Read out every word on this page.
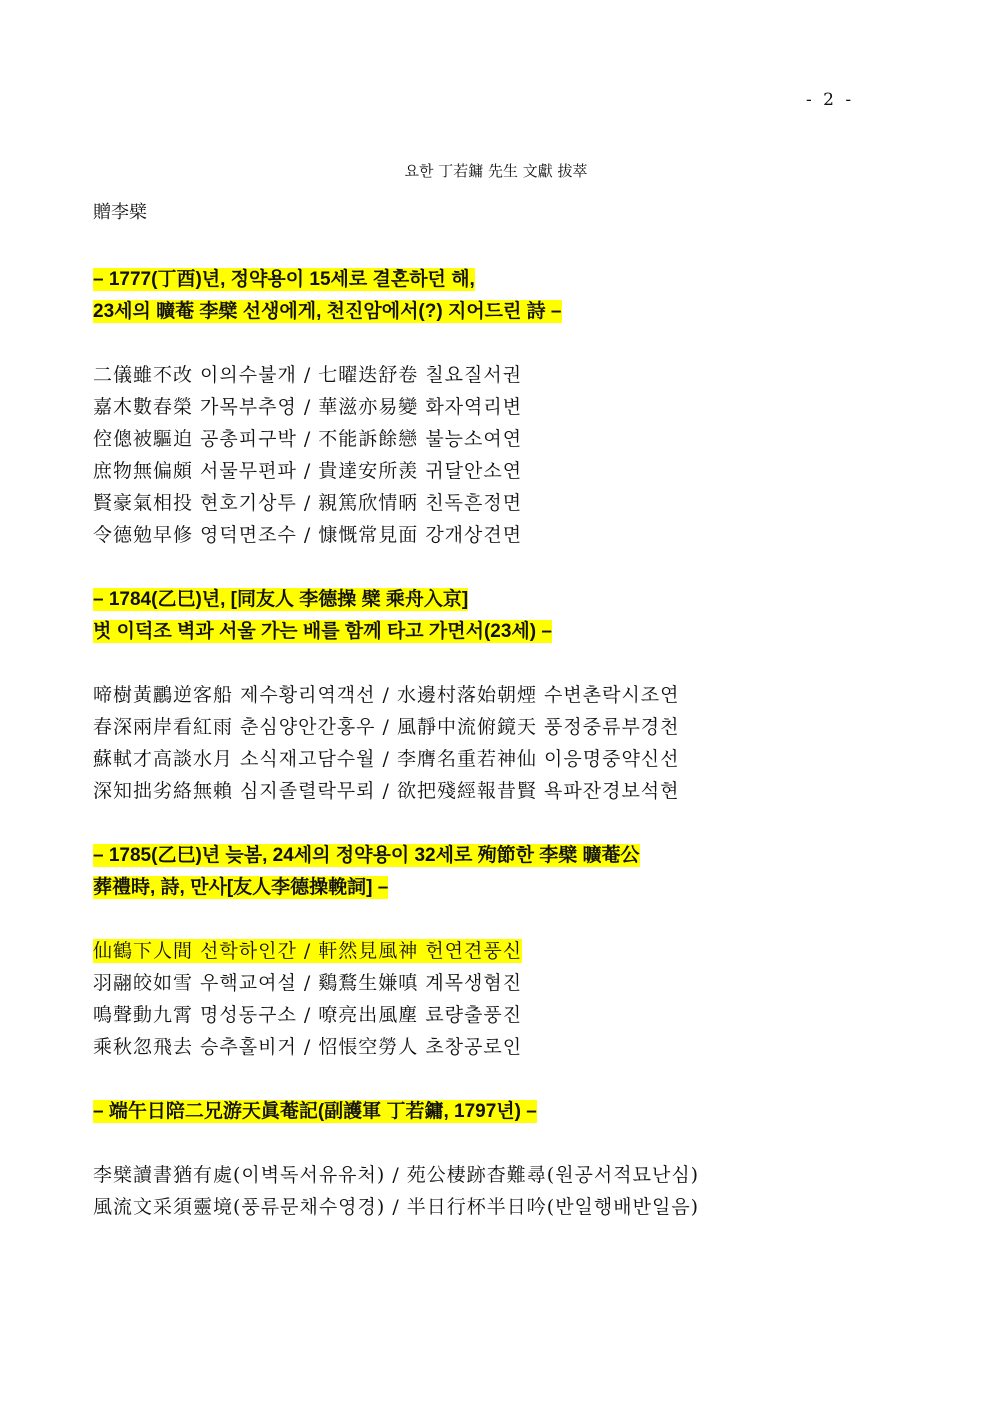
- 2 -
요한 丁若鏞 先生 文獻 拔萃
贈李檗
– 1777(丁酉)년, 정약용이 15세로 결혼하던 해,
23세의 曠菴 李檗 선생에게, 천진암에서(?) 지어드린 詩 –
二儀雖不改 이의수불개 / 七曜迭舒卷 칠요질서권
嘉木數春榮 가목부추영 / 華滋亦易變 화자역리변
倥傯被驅迫 공총피구박 / 不能訴餘戀 불능소여연
庶物無偏頗 서물무편파 / 貴達安所羡 귀달안소연
賢豪氣相投 현호기상투 / 親篤欣情昞 친독흔정면
令德勉早修 영덕면조수 / 慷慨常見面 강개상견면
– 1784(乙巳)년, [同友人 李德操 檗 乘舟入京]
벗 이덕조 벽과 서울 가는 배를 함께 타고 가면서(23세) –
啼樹黃鸝逆客船 제수황리역객선 / 水邊村落始朝煙 수변촌락시조연
春深兩岸看紅雨 춘심양안간홍우 / 風靜中流俯鏡天 풍정중류부경천
蘇軾才高談水月 소식재고담수월 / 李膺名重若神仙 이응명중약신선
深知拙劣絡無賴 심지졸렬락무뢰 / 欲把殘經報昔賢 욕파잔경보석현
– 1785(乙巳)년 늦봄, 24세의 정약용이 32세로 殉節한 李檗 曠菴公
葬禮時, 詩, 만사[友人李德操輓詞] –
仙鶴下人間 선학하인간 / 軒然見風神 헌연견풍신
羽翮皎如雪 우핵교여설 / 鷄鶩生嫌嗔 계목생혐진
鳴聲動九霄 명성동구소 / 嘹亮出風塵 료량출풍진
乘秋忽飛去 승추홀비거 / 怊悵空勞人 초창공로인
– 端午日陪二兄游天眞菴記(副護軍 丁若鏞, 1797년) –
李檗讀書猶有處(이벽독서유유처) / 苑公棲跡杳難尋(원공서적묘난심)
風流文采須靈境(풍류문채수영경) / 半日行杯半日吟(반일행배반일음)
